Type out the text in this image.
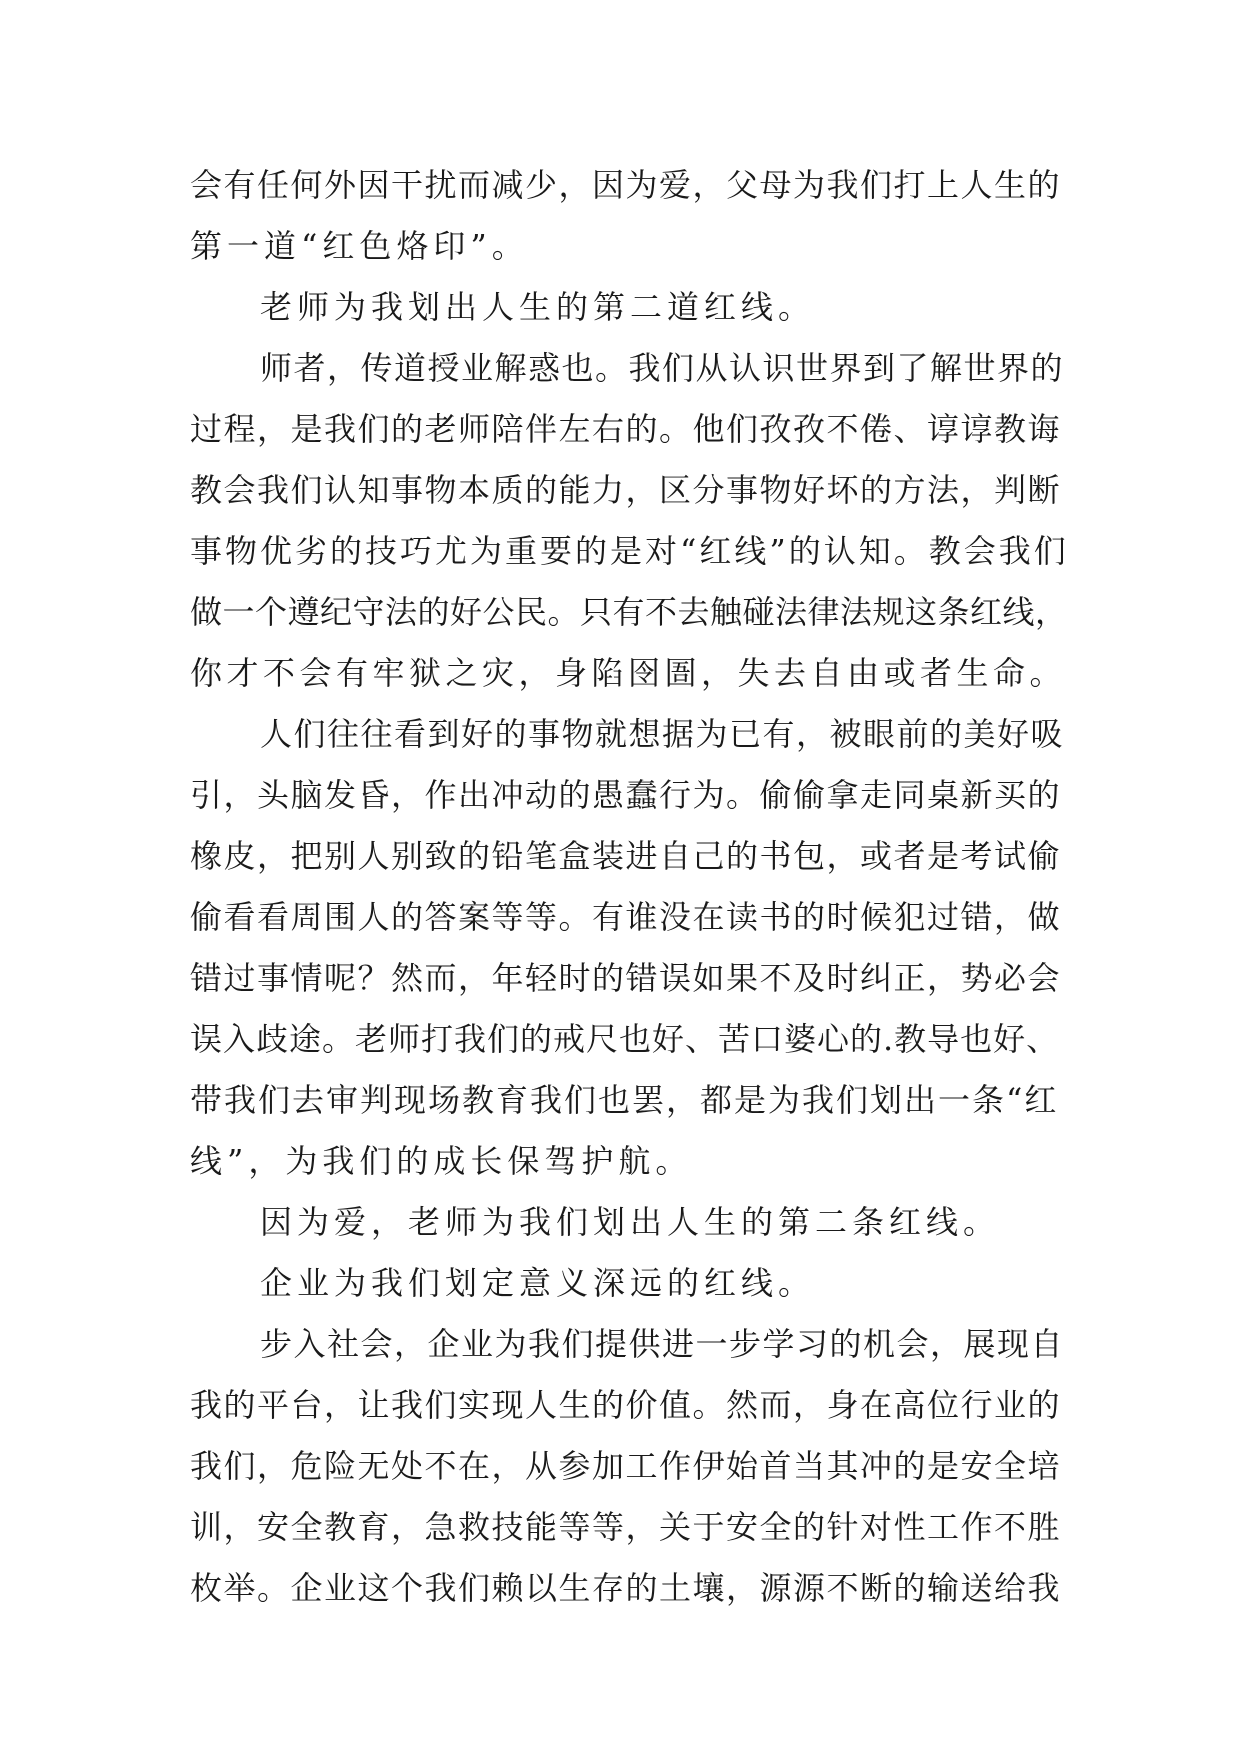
会有任何外因干扰而减少，因为爱，父母为我们打上人生的
第一道“红色烙印”。
老师为我划出人生的第二道红线。
师者，传道授业解惑也。我们从认识世界到了解世界的
过程，是我们的老师陪伴左右的。他们孜孜不倦、谆谆教诲
教会我们认知事物本质的能力，区分事物好坏的方法，判断
事物优劣的技巧尤为重要的是对“红线”的认知。教会我们
做一个遵纪守法的好公民。只有不去触碰法律法规这条红线，
你才不会有牢狱之灾，身陷囹圄，失去自由或者生命。
人们往往看到好的事物就想据为已有，被眼前的美好吸
引，头脑发昏，作出冲动的愚蠢行为。偷偷拿走同桌新买的
橡皮，把别人别致的铅笔盒装进自己的书包，或者是考试偷
偷看看周围人的答案等等。有谁没在读书的时候犯过错，做
错过事情呢？然而，年轻时的错误如果不及时纠正，势必会
误入歧途。老师打我们的戒尺也好、苦口婆心的.教导也好、
带我们去审判现场教育我们也罢，都是为我们划出一条“红
线”，为我们的成长保驾护航。
因为爱，老师为我们划出人生的第二条红线。
企业为我们划定意义深远的红线。
步入社会，企业为我们提供进一步学习的机会，展现自
我的平台，让我们实现人生的价值。然而，身在高位行业的
我们，危险无处不在，从参加工作伊始首当其冲的是安全培
训，安全教育，急救技能等等，关于安全的针对性工作不胜
枚举。企业这个我们赖以生存的土壤，源源不断的输送给我
